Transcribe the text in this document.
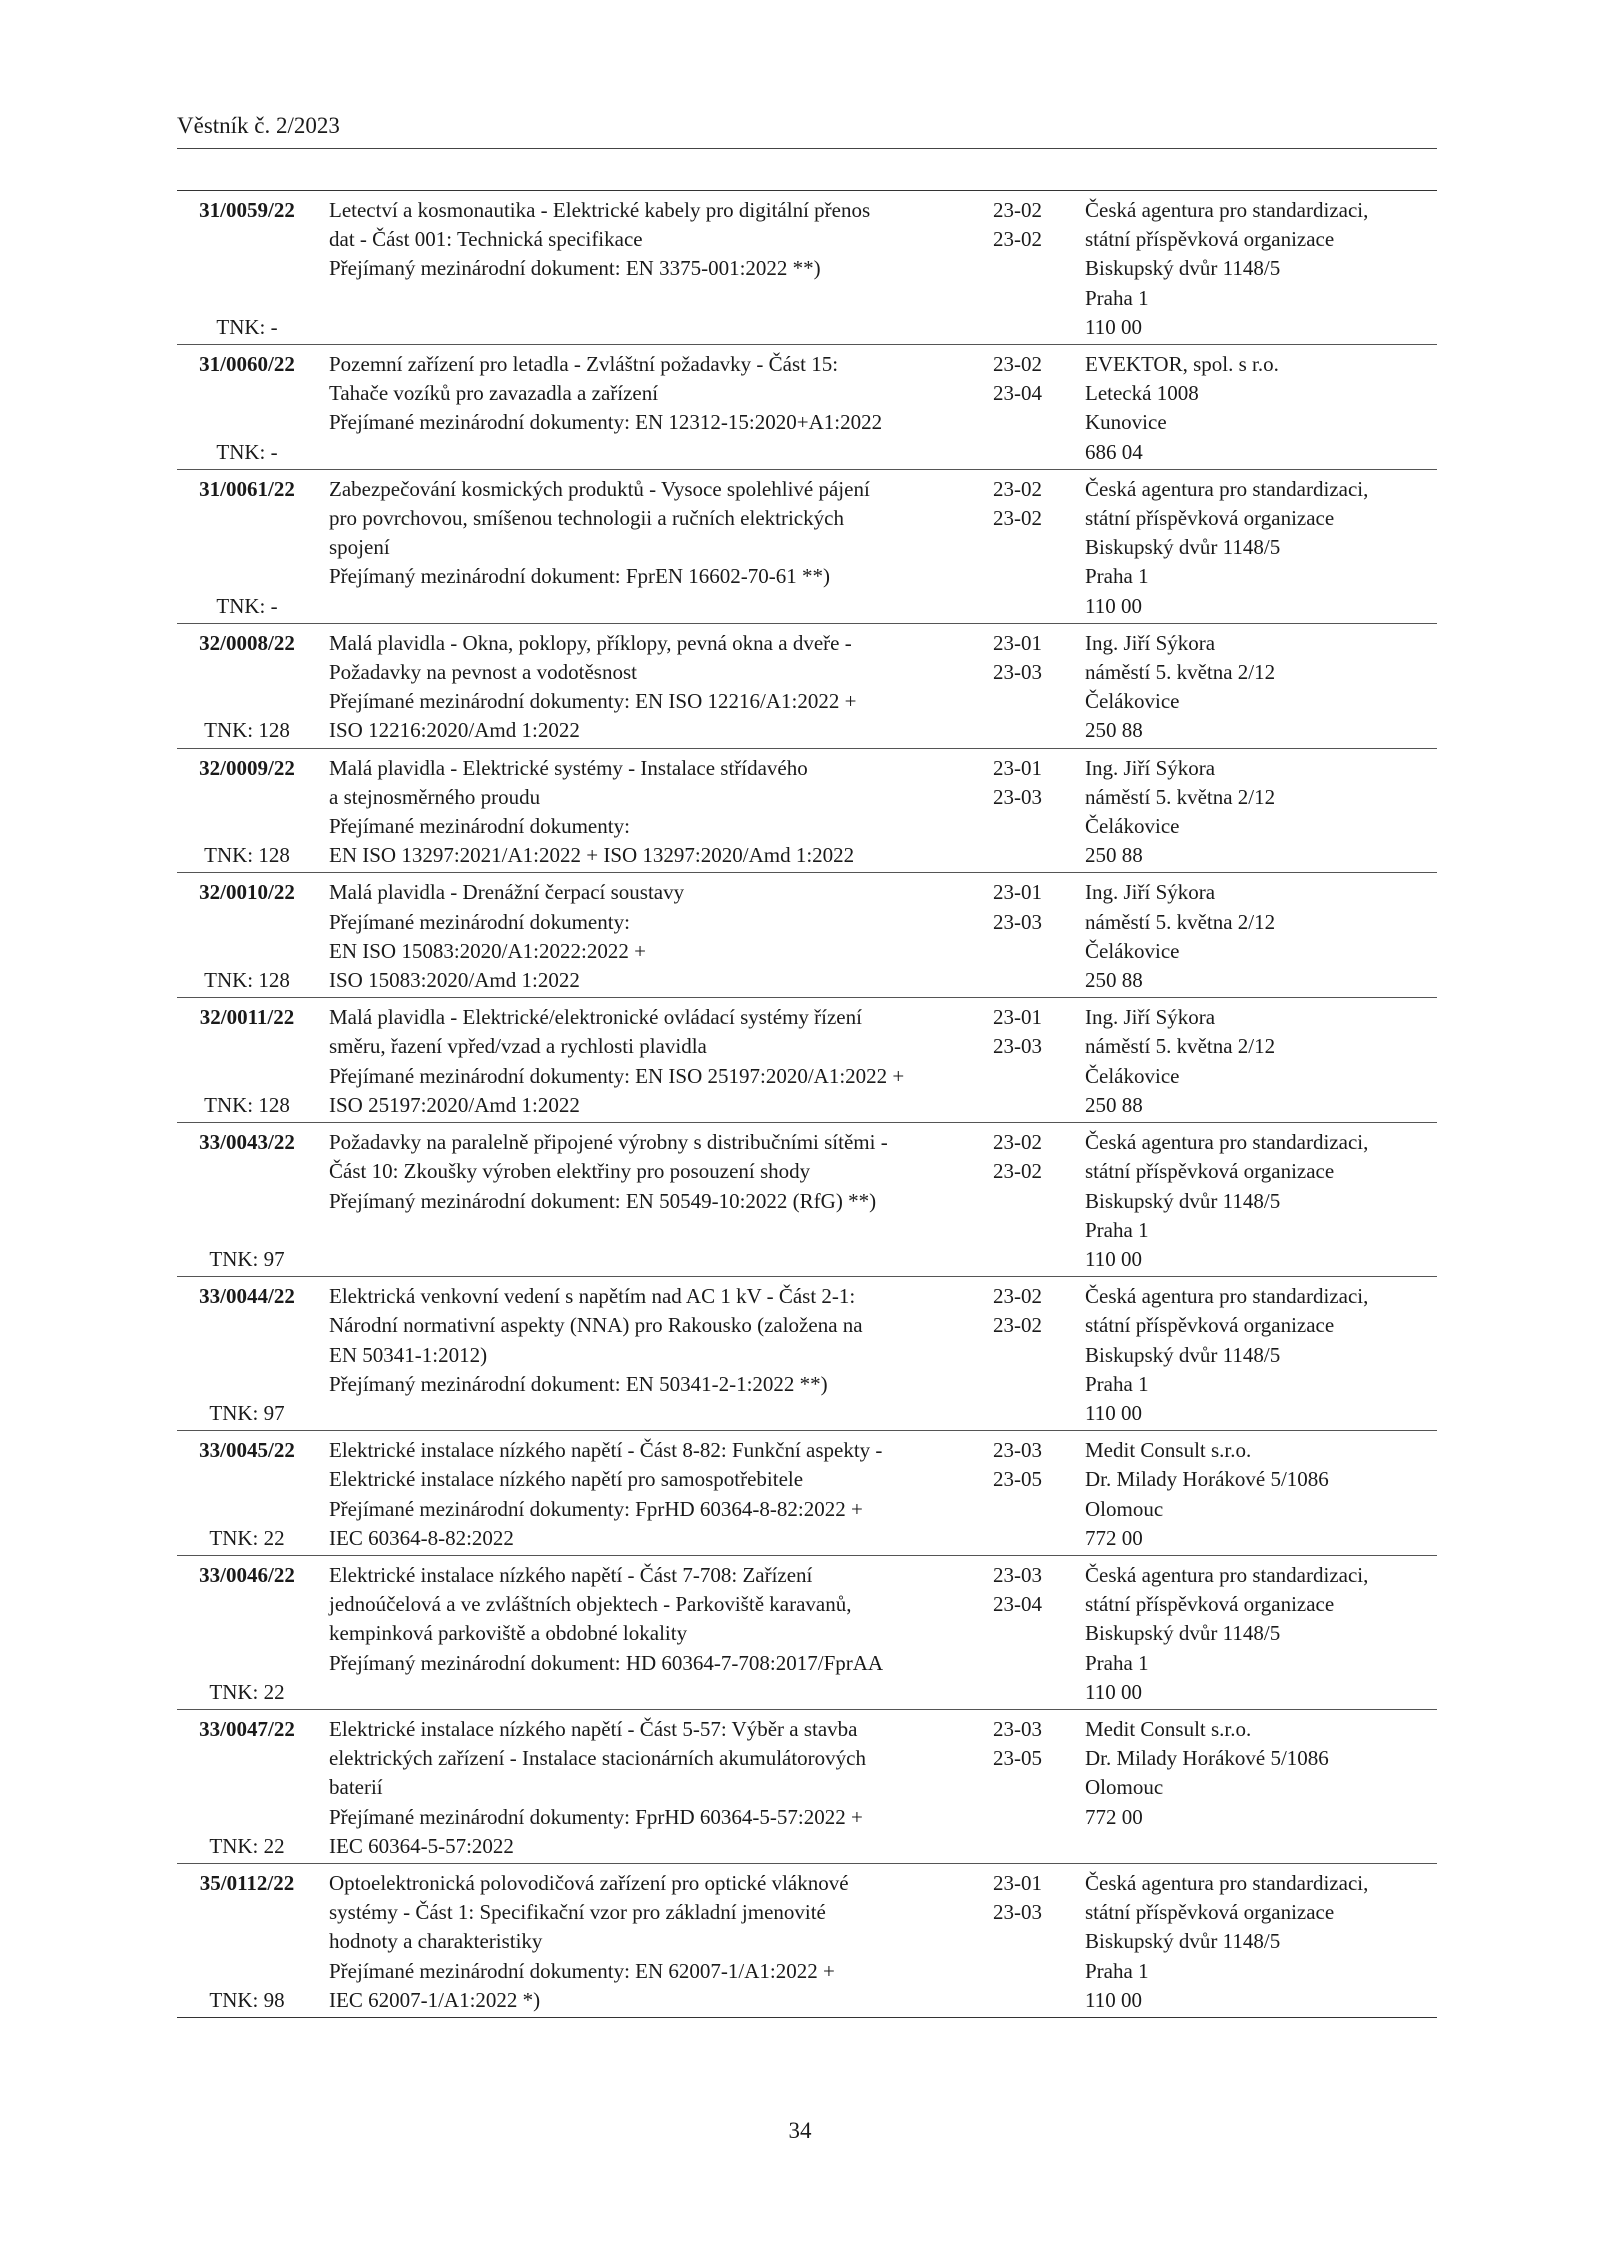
Věstník č. 2/2023
31/0059/22
TNK: -
Letectví a kosmonautika - Elektrické kabely pro digitální přenos
dat - Část 001: Technická specifikace
Přejímaný mezinárodní dokument: EN 3375-001:2022 **)
23-02
23-02
Česká agentura pro standardizaci,
státní příspěvková organizace
Biskupský dvůr 1148/5
Praha 1
110 00
31/0060/22
TNK: -
Pozemní zařízení pro letadla - Zvláštní požadavky - Část 15:
Tahače vozíků pro zavazadla a zařízení
Přejímané mezinárodní dokumenty: EN 12312-15:2020+A1:2022
23-02
23-04
EVEKTOR, spol. s r.o.
Letecká 1008
Kunovice
686 04
31/0061/22
TNK: -
Zabezpečování kosmických produktů - Vysoce spolehlivé pájení
pro povrchovou, smíšenou technologii a ručních elektrických
spojení
Přejímaný mezinárodní dokument: FprEN 16602-70-61 **)
23-02
23-02
Česká agentura pro standardizaci,
státní příspěvková organizace
Biskupský dvůr 1148/5
Praha 1
110 00
32/0008/22
TNK: 128
Malá plavidla - Okna, poklopy, příklopy, pevná okna a dveře -
Požadavky na pevnost a vodotěsnost
Přejímané mezinárodní dokumenty: EN ISO 12216/A1:2022 +
ISO 12216:2020/Amd 1:2022
23-01
23-03
Ing. Jiří Sýkora
náměstí 5. května 2/12
Čelákovice
250 88
32/0009/22
TNK: 128
Malá plavidla - Elektrické systémy - Instalace střídavého
a stejnosměrného proudu
Přejímané mezinárodní dokumenty:
EN ISO 13297:2021/A1:2022 + ISO 13297:2020/Amd 1:2022
23-01
23-03
Ing. Jiří Sýkora
náměstí 5. května 2/12
Čelákovice
250 88
32/0010/22
TNK: 128
Malá plavidla - Drenážní čerpací soustavy
Přejímané mezinárodní dokumenty:
EN ISO 15083:2020/A1:2022:2022 +
ISO 15083:2020/Amd 1:2022
23-01
23-03
Ing. Jiří Sýkora
náměstí 5. května 2/12
Čelákovice
250 88
32/0011/22
TNK: 128
Malá plavidla - Elektrické/elektronické ovládací systémy řízení
směru, řazení vpřed/vzad a rychlosti plavidla
Přejímané mezinárodní dokumenty: EN ISO 25197:2020/A1:2022 +
ISO 25197:2020/Amd 1:2022
23-01
23-03
Ing. Jiří Sýkora
náměstí 5. května 2/12
Čelákovice
250 88
33/0043/22
TNK: 97
Požadavky na paralelně připojené výrobny s distribučními sítěmi -
Část 10: Zkoušky výroben elektřiny pro posouzení shody
Přejímaný mezinárodní dokument: EN 50549-10:2022 (RfG) **)
23-02
23-02
Česká agentura pro standardizaci,
státní příspěvková organizace
Biskupský dvůr 1148/5
Praha 1
110 00
33/0044/22
TNK: 97
Elektrická venkovní vedení s napětím nad AC 1 kV - Část 2-1:
Národní normativní aspekty (NNA) pro Rakousko (založena na
EN 50341-1:2012)
Přejímaný mezinárodní dokument: EN 50341-2-1:2022 **)
23-02
23-02
Česká agentura pro standardizaci,
státní příspěvková organizace
Biskupský dvůr 1148/5
Praha 1
110 00
33/0045/22
TNK: 22
Elektrické instalace nízkého napětí - Část 8-82: Funkční aspekty -
Elektrické instalace nízkého napětí pro samospotřebitele
Přejímané mezinárodní dokumenty: FprHD 60364-8-82:2022 +
IEC 60364-8-82:2022
23-03
23-05
Medit Consult s.r.o.
Dr. Milady Horákové 5/1086
Olomouc
772 00
33/0046/22
TNK: 22
Elektrické instalace nízkého napětí - Část 7-708: Zařízení
jednoúčelová a ve zvláštních objektech - Parkoviště karavanů,
kempinková parkoviště a obdobné lokality
Přejímaný mezinárodní dokument: HD 60364-7-708:2017/FprAA
23-03
23-04
Česká agentura pro standardizaci,
státní příspěvková organizace
Biskupský dvůr 1148/5
Praha 1
110 00
33/0047/22
TNK: 22
Elektrické instalace nízkého napětí - Část 5-57: Výběr a stavba
elektrických zařízení - Instalace stacionárních akumulátorových
baterií
Přejímané mezinárodní dokumenty: FprHD 60364-5-57:2022 +
IEC 60364-5-57:2022
23-03
23-05
Medit Consult s.r.o.
Dr. Milady Horákové 5/1086
Olomouc
772 00
35/0112/22
TNK: 98
Optoelektronická polovodičová zařízení pro optické vláknové
systémy - Část 1: Specifikační vzor pro základní jmenovité
hodnoty a charakteristiky
Přejímané mezinárodní dokumenty: EN 62007-1/A1:2022 +
IEC 62007-1/A1:2022 *)
23-01
23-03
Česká agentura pro standardizaci,
státní příspěvková organizace
Biskupský dvůr 1148/5
Praha 1
110 00
34
